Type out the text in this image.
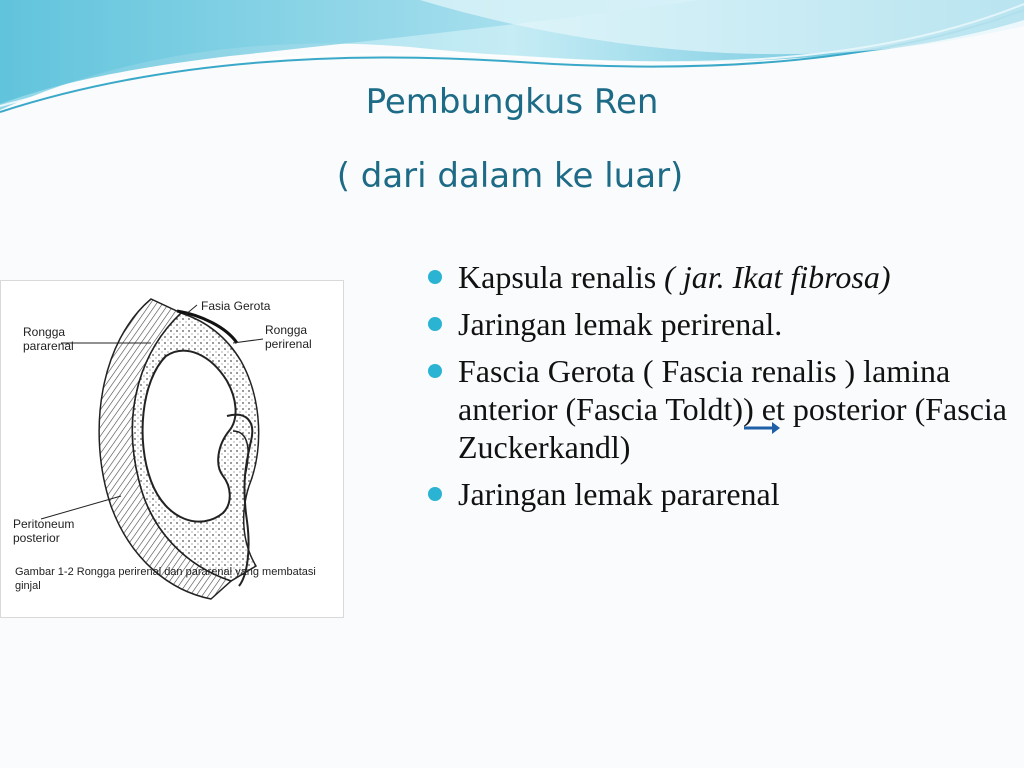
Pembungkus Ren
( dari dalam ke luar)
Kapsula renalis ( jar. Ikat fibrosa)
Jaringan lemak perirenal.
Fascia Gerota ( Fascia renalis ) lamina anterior (Fascia Toldt)) et posterior (Fascia Zuckerkandl)
Jaringan lemak pararenal
Fasia Gerota
Rongga
pararenal
Rongga
perirenal
Peritoneum
posterior
Gambar 1-2 Rongga perirenal dan pararenal yang membatasi
ginjal
